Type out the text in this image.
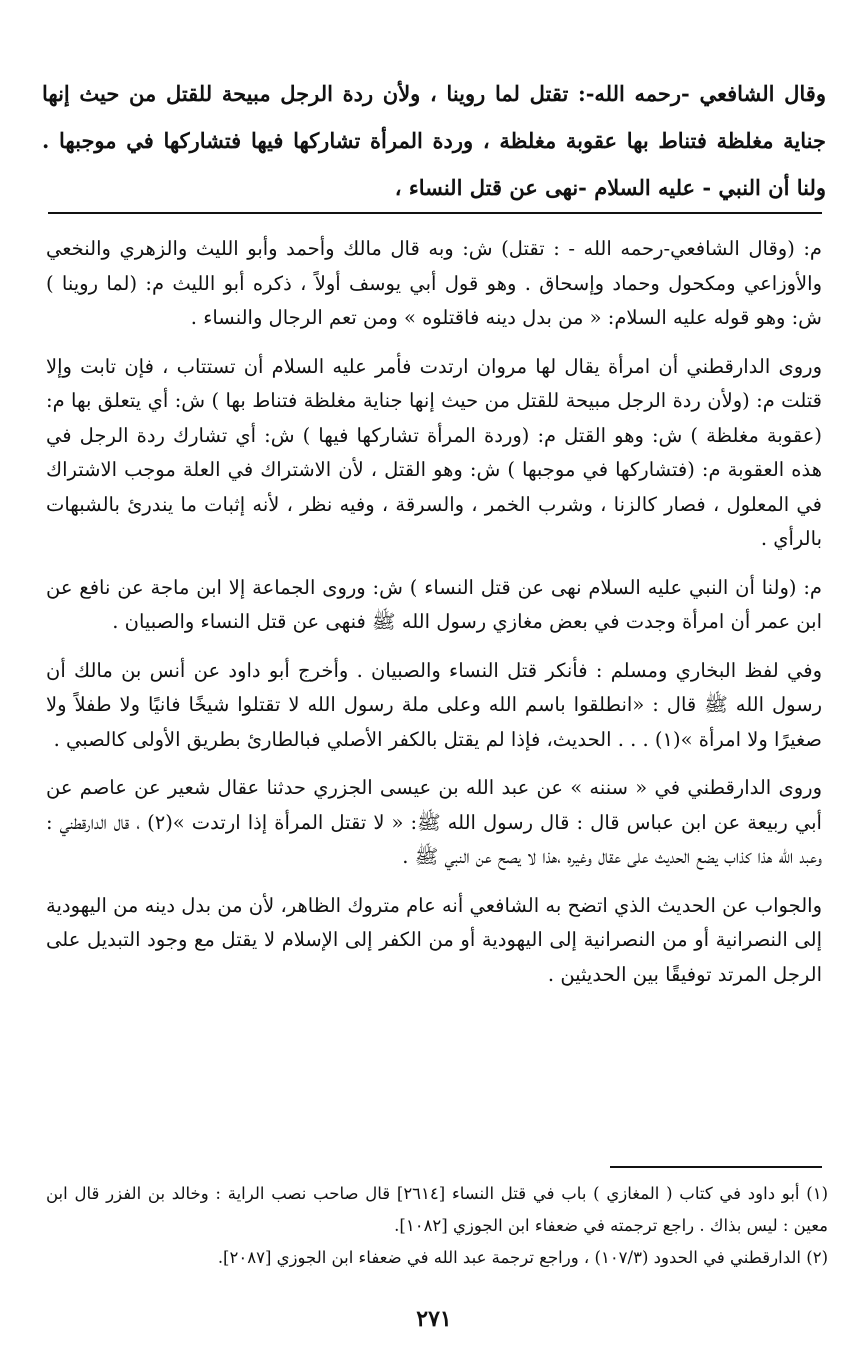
وقال الشافعي -رحمه الله-: تقتل لما روينا ، ولأن ردة الرجل مبيحة للقتل من حيث إنها جناية مغلظة فتناط بها عقوبة مغلظة ، وردة المرأة تشاركها فيها فتشاركها في موجبها . ولنا أن النبي - عليه السلام -نهى عن قتل النساء ،

م: (وقال الشافعي-رحمه الله - : تقتل) ش: وبه قال مالك وأحمد وأبو الليث والزهري والنخعي والأوزاعي ومكحول وحماد وإسحاق . وهو قول أبي يوسف أولاً ، ذكره أبو الليث م: (لما روينا ) ش: وهو قوله عليه السلام: « من بدل دينه فاقتلوه » ومن تعم الرجال والنساء .

وروى الدارقطني أن امرأة يقال لها مروان ارتدت فأمر عليه السلام أن تستتاب ، فإن تابت وإلا قتلت م: (ولأن ردة الرجل مبيحة للقتل من حيث إنها جناية مغلظة فتناط بها ) ش: أي يتعلق بها م: (عقوبة مغلظة ) ش: وهو القتل م: (وردة المرأة تشاركها فيها ) ش: أي تشارك ردة الرجل في هذه العقوبة م: (فتشاركها في موجبها ) ش: وهو القتل ، لأن الاشتراك في العلة موجب الاشتراك في المعلول ، فصار كالزنا ، وشرب الخمر ، والسرقة ، وفيه نظر ، لأنه إثبات ما يندرئ بالشبهات بالرأي .

م: (ولنا أن النبي عليه السلام نهى عن قتل النساء ) ش: وروى الجماعة إلا ابن ماجة عن نافع عن ابن عمر أن امرأة وجدت في بعض مغازي رسول الله ﷺ فنهى عن قتل النساء والصبيان .

وفي لفظ البخاري ومسلم : فأنكر قتل النساء والصبيان . وأخرج أبو داود عن أنس بن مالك أن رسول الله ﷺ قال : «انطلقوا باسم الله وعلى ملة رسول الله لا تقتلوا شيخًا فانيًا ولا طفلاً ولا صغيرًا ولا امرأة »(١) . . . الحديث، فإذا لم يقتل بالكفر الأصلي فبالطارئ بطريق الأولى كالصبي .

وروى الدارقطني في « سننه » عن عبد الله بن عيسى الجزري حدثنا عقال شعير عن عاصم عن أبي ربيعة عن ابن عباس قال : قال رسول الله ﷺ: « لا تقتل المرأة إذا ارتدت »(٢) ، قال الدارقطني : وعبد الله هذا كذاب يضع الحديث على عقال وغيره ،هذا لا يصح عن النبي ﷺ .

والجواب عن الحديث الذي اتضح به الشافعي أنه عام متروك الظاهر، لأن من بدل دينه من اليهودية إلى النصرانية أو من النصرانية إلى اليهودية أو من الكفر إلى الإسلام لا يقتل مع وجود التبديل على الرجل المرتد توفيقًا بين الحديثين .

(١) أبو داود في كتاب ( المغازي ) باب في قتل النساء [٢٦١٤] قال صاحب نصب الراية : وخالد بن الفزر قال ابن معين : ليس بذاك . راجع ترجمته في ضعفاء ابن الجوزي [١٠٨٢].

(٢) الدارقطني في الحدود (١٠٧/٣) ، وراجع ترجمة عبد الله في ضعفاء ابن الجوزي [٢٠٨٧].

٢٧١
